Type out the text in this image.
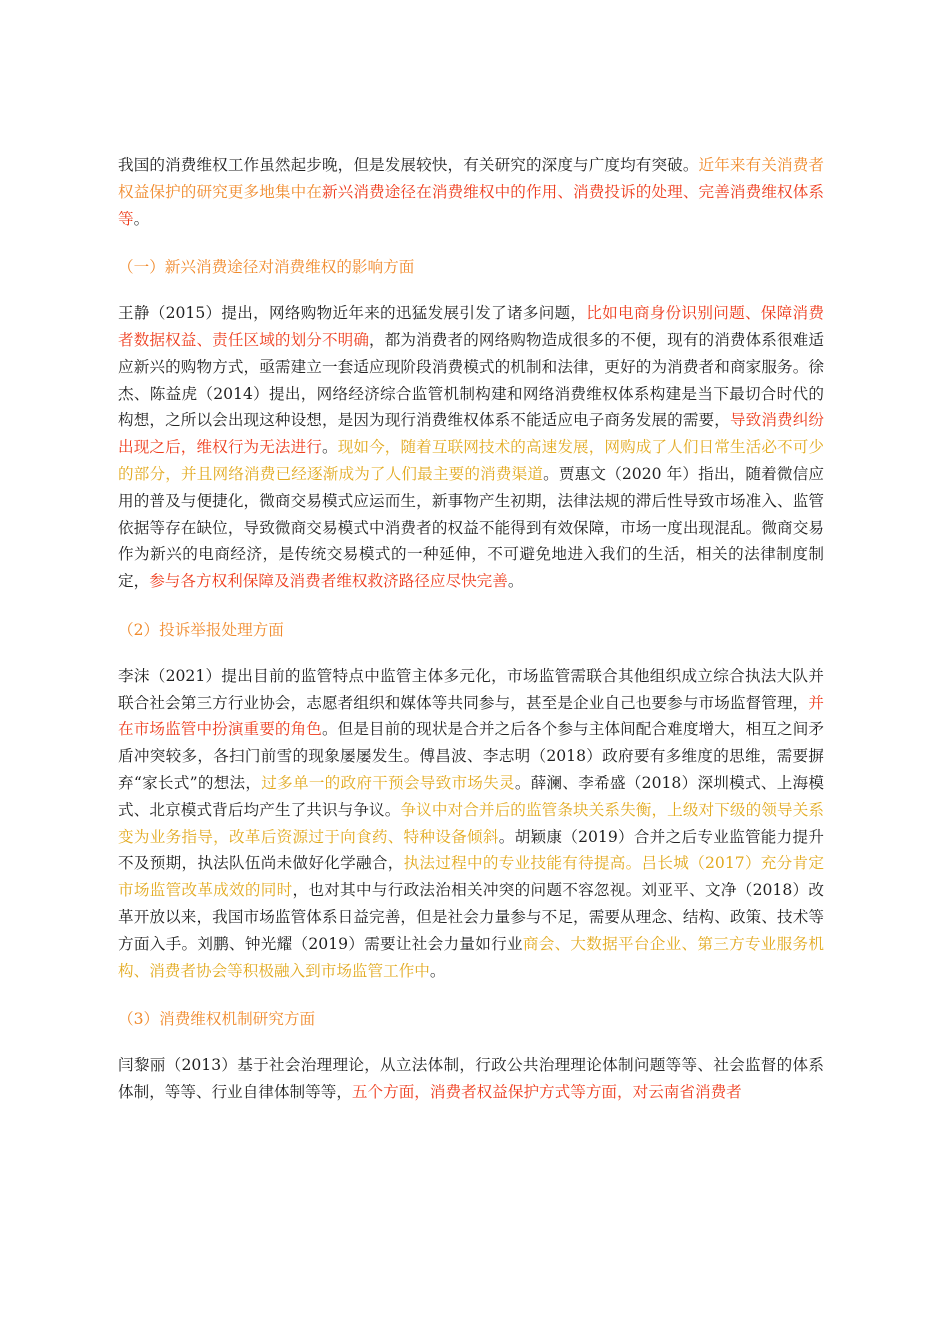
我国的消费维权工作虽然起步晚，但是发展较快，有关研究的深度与广度均有突破。近年来有关消费者权益保护的研究更多地集中在新兴消费途径在消费维权中的作用、消费投诉的处理、完善消费维权体系等。

（一）新兴消费途径对消费维权的影响方面

王静（2015）提出，网络购物近年来的迅猛发展引发了诸多问题，比如电商身份识别问题、保障消费者数据权益、责任区域的划分不明确，都为消费者的网络购物造成很多的不便，现有的消费体系很难适应新兴的购物方式，亟需建立一套适应现阶段消费模式的机制和法律，更好的为消费者和商家服务。徐杰、陈益虎（2014）提出，网络经济综合监管机制构建和网络消费维权体系构建是当下最切合时代的构想，之所以会出现这种设想，是因为现行消费维权体系不能适应电子商务发展的需要，导致消费纠纷出现之后，维权行为无法进行。现如今，随着互联网技术的高速发展，网购成了人们日常生活必不可少的部分，并且网络消费已经逐渐成为了人们最主要的消费渠道。贾惠文（2020 年）指出，随着微信应用的普及与便捷化，微商交易模式应运而生，新事物产生初期，法律法规的滞后性导致市场准入、监管依据等存在缺位，导致微商交易模式中消费者的权益不能得到有效保障，市场一度出现混乱。微商交易作为新兴的电商经济，是传统交易模式的一种延伸，不可避免地进入我们的生活，相关的法律制度制定，参与各方权利保障及消费者维权救济路径应尽快完善。

（2）投诉举报处理方面

李沫（2021）提出目前的监管特点中监管主体多元化，市场监管需联合其他组织成立综合执法大队并联合社会第三方行业协会，志愿者组织和媒体等共同参与，甚至是企业自己也要参与市场监督管理，并在市场监管中扮演重要的角色。但是目前的现状是合并之后各个参与主体间配合难度增大，相互之间矛盾冲突较多，各扫门前雪的现象屡屡发生。傅昌波、李志明（2018）政府要有多维度的思维，需要摒弃“家长式”的想法，过多单一的政府干预会导致市场失灵。薛澜、李希盛（2018）深圳模式、上海模式、北京模式背后均产生了共识与争议。争议中对合并后的监管条块关系失衡，上级对下级的领导关系变为业务指导，改革后资源过于向食药、特种设备倾斜。胡颖康（2019）合并之后专业监管能力提升不及预期，执法队伍尚未做好化学融合，执法过程中的专业技能有待提高。吕长城（2017）充分肯定市场监管改革成效的同时，也对其中与行政法治相关冲突的问题不容忽视。刘亚平、文净（2018）改革开放以来，我国市场监管体系日益完善，但是社会力量参与不足，需要从理念、结构、政策、技术等方面入手。刘鹏、钟光耀（2019）需要让社会力量如行业商会、大数据平台企业、第三方专业服务机构、消费者协会等积极融入到市场监管工作中。

（3）消费维权机制研究方面

闫黎丽（2013）基于社会治理理论，从立法体制，行政公共治理理论体制问题等等、社会监督的体系体制，等等、行业自律体制等等，五个方面，消费者权益保护方式等方面，对云南省消费者
